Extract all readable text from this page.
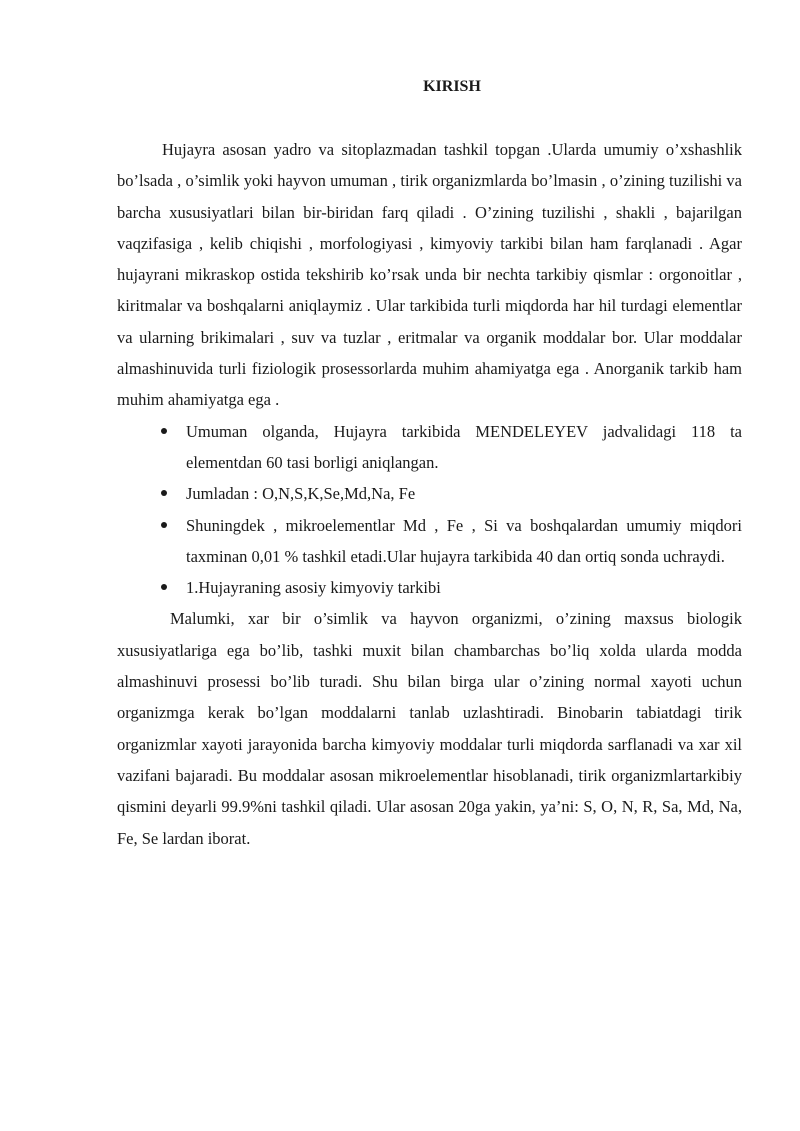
KIRISH

Hujayra asosan yadro va sitoplazmadan tashkil topgan .Ularda umumiy o’xshashlik bo’lsada , o’simlik yoki hayvon umuman , tirik organizmlarda bo’lmasin , o’zining tuzilishi va barcha xususiyatlari bilan bir-biridan farq qiladi . O’zining tuzilishi , shakli , bajarilgan vaqzifasiga , kelib chiqishi , morfologiyasi , kimyoviy tarkibi bilan ham farqlanadi . Agar hujayrani mikraskop ostida tekshirib ko’rsak unda bir nechta tarkibiy qismlar : orgonoitlar , kiritmalar va boshqalarni aniqlaymiz . Ular tarkibida turli miqdorda har hil turdagi elementlar va ularning brikimalari , suv va tuzlar , eritmalar va organik moddalar bor. Ular moddalar almashinuvida turli fiziologik prosessorlarda muhim ahamiyatga ega . Anorganik tarkib ham muhim ahamiyatga ega .

Umuman olganda, Hujayra tarkibida MENDELEYEV jadvalidagi 118 ta elementdan 60 tasi borligi aniqlangan.
Jumladan : O,N,S,K,Se,Md,Na, Fe
Shuningdek , mikroelementlar Md , Fe , Si va boshqalardan umumiy miqdori taxminan 0,01 % tashkil etadi.Ular hujayra tarkibida 40 dan ortiq sonda uchraydi.
1.Hujayraning asosiy kimyoviy tarkibi

Malumki, xar bir o’simlik va hayvon organizmi, o’zining maxsus biologik xususiyatlariga ega bo’lib, tashki muxit bilan chambarchas bo’liq xolda ularda modda almashinuvi prosessi bo’lib turadi. Shu bilan birga ular o’zining normal xayoti uchun organizmga kerak bo’lgan moddalarni tanlab uzlashtiradi. Binobarin tabiatdagi tirik organizmlar xayoti jarayonida barcha kimyoviy moddalar turli miqdorda sarflanadi va xar xil vazifani bajaradi. Bu moddalar asosan mikroelementlar hisoblanadi, tirik organizmlartarkibiy qismini deyarli 99.9%ni tashkil qiladi. Ular asosan 20ga yakin, ya’ni: S, O, N, R, Sa, Md, Na, Fe, Se lardan iborat.
